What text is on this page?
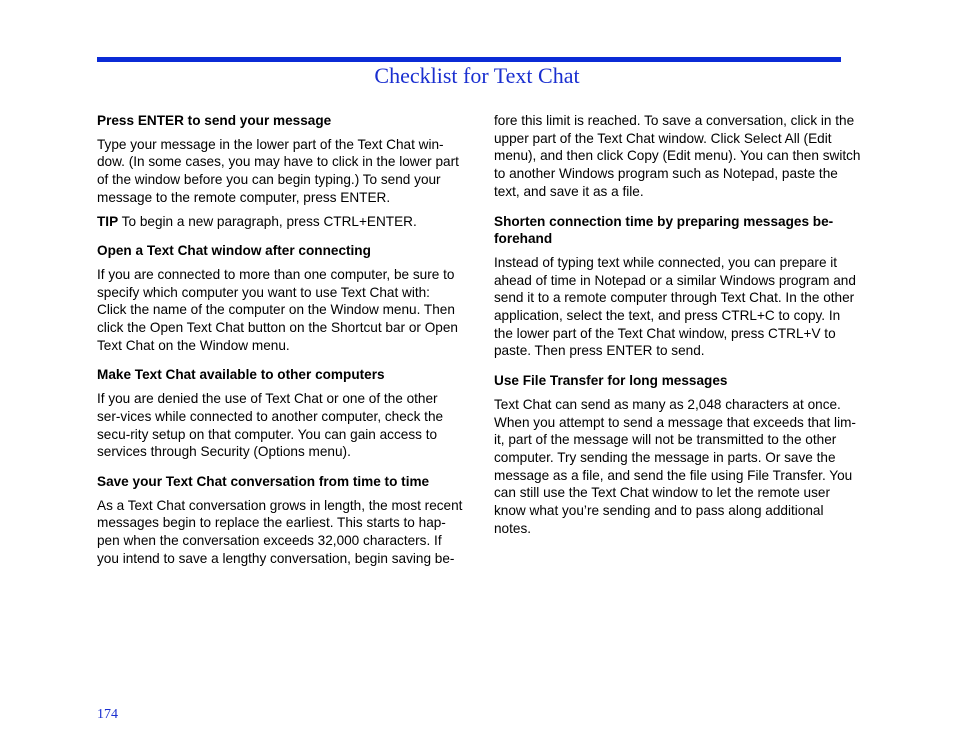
Checklist for Text Chat
Press ENTER to send your message

Type your message in the lower part of the Text Chat win-dow. (In some cases, you may have to click in the lower part of the window before you can begin typing.) To send your message to the remote computer, press ENTER.

TIP To begin a new paragraph, press CTRL+ENTER.

Open a Text Chat window after connecting

If you are connected to more than one computer, be sure to specify which computer you want to use Text Chat with: Click the name of the computer on the Window menu. Then click the Open Text Chat button on the Shortcut bar or Open Text Chat on the Window menu.

Make Text Chat available to other computers

If you are denied the use of Text Chat or one of the other ser-vices while connected to another computer, check the secu-rity setup on that computer. You can gain access to services through Security (Options menu).

Save your Text Chat conversation from time to time

As a Text Chat conversation grows in length, the most recent messages begin to replace the earliest. This starts to hap-pen when the conversation exceeds 32,000 characters. If you intend to save a lengthy conversation, begin saving be-

fore this limit is reached. To save a conversation, click in the upper part of the Text Chat window. Click Select All (Edit menu), and then click Copy (Edit menu). You can then switch to another Windows program such as Notepad, paste the text, and save it as a file.

Shorten connection time by preparing messages be-forehand

Instead of typing text while connected, you can prepare it ahead of time in Notepad or a similar Windows program and send it to a remote computer through Text Chat. In the other application, select the text, and press CTRL+C to copy. In the lower part of the Text Chat window, press CTRL+V to paste. Then press ENTER to send.

Use File Transfer for long messages

Text Chat can send as many as 2,048 characters at once. When you attempt to send a message that exceeds that lim-it, part of the message will not be transmitted to the other computer. Try sending the message in parts. Or save the message as a file, and send the file using File Transfer. You can still use the Text Chat window to let the remote user know what you’re sending and to pass along additional notes.

174
